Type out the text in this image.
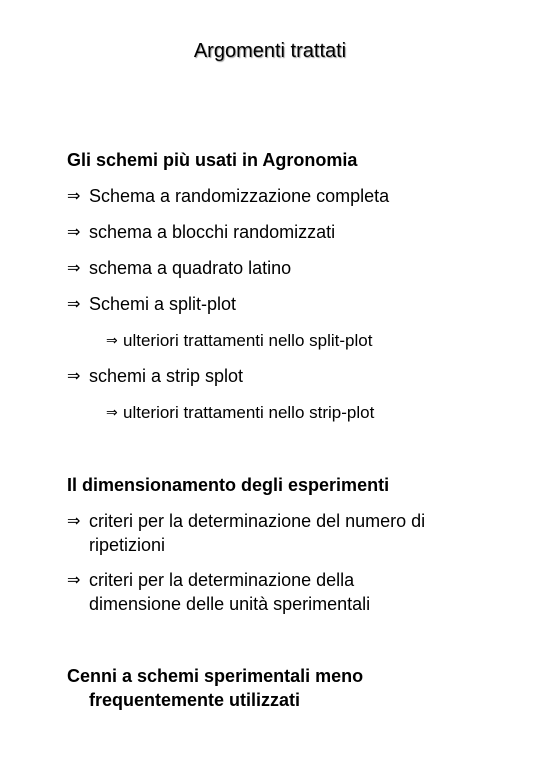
Argomenti trattati
Gli schemi più usati in Agronomia
⇒ Schema a randomizzazione completa
⇒ schema a blocchi randomizzati
⇒ schema a quadrato latino
⇒ Schemi a split-plot
⇒ ulteriori trattamenti nello split-plot
⇒ schemi a strip splot
⇒ ulteriori trattamenti nello strip-plot
Il dimensionamento degli esperimenti
⇒ criteri per la determinazione del numero di ripetizioni
⇒ criteri per la determinazione della dimensione delle unità sperimentali
Cenni a schemi sperimentali meno frequentemente utilizzati
